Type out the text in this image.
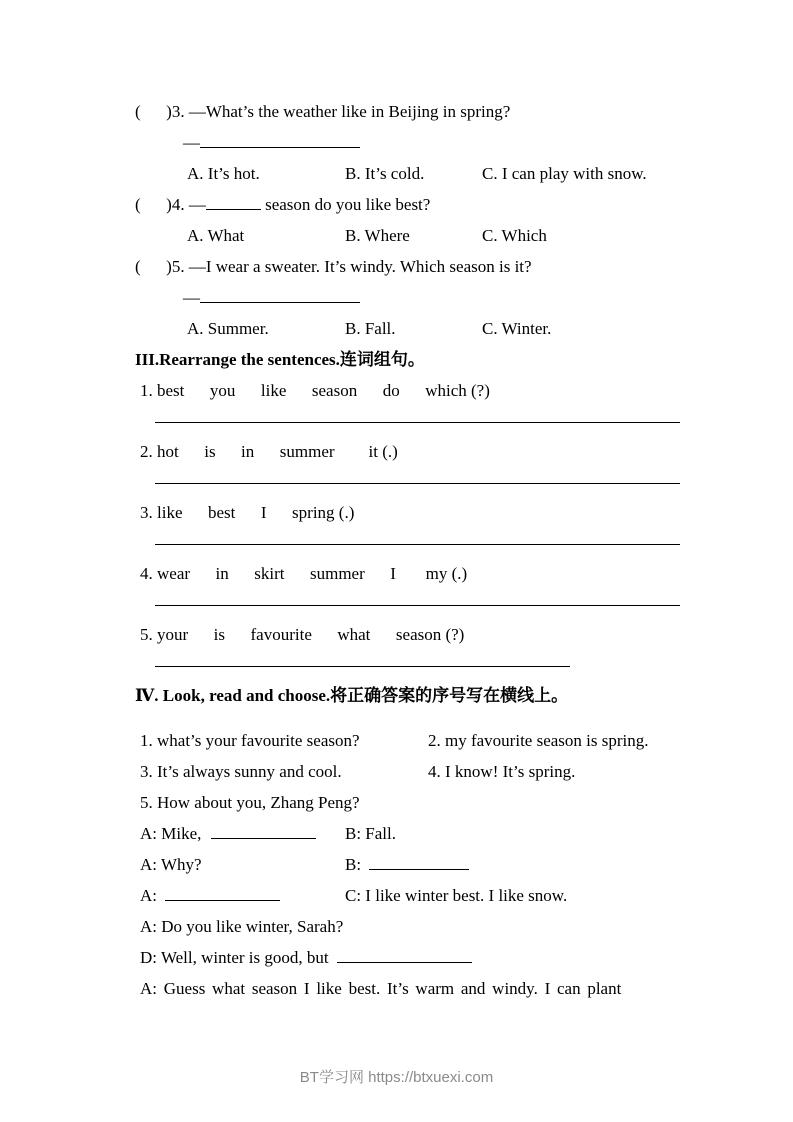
(      )3. —What’s the weather like in Beijing in spring?
—
A. It’s hot.	B. It’s cold.	C. I can play with snow.
(      )4. —	season do you like best?
A. What	B. Where	C. Which
(      )5. —I wear a sweater. It’s windy. Which season is it?
—
A. Summer.	B. Fall.	C. Winter.
III.Rearrange the sentences.连词组句。
1. best      you      like      season      do      which (?)
2. hot      is      in      summer        it (.)
3. like      best      I      spring (.)
4. wear      in      skirt      summer      I       my (.)
5. your      is      favourite      what      season (?)
Ⅳ. Look, read and choose.将正确答案的序号写在横线上。
1. what’s your favourite season?	2. my favourite season is spring.
3. It’s always sunny and cool.	4. I know! It’s spring.
5. How about you, Zhang Peng?
A: Mike,	B: Fall.
A: Why?	B:
A:	C: I like winter best. I like snow.
A: Do you like winter, Sarah?
D: Well, winter is good, but
A: Guess what season I like best. It’s warm and windy. I can plant
BT学习网 https://btxuexi.com
